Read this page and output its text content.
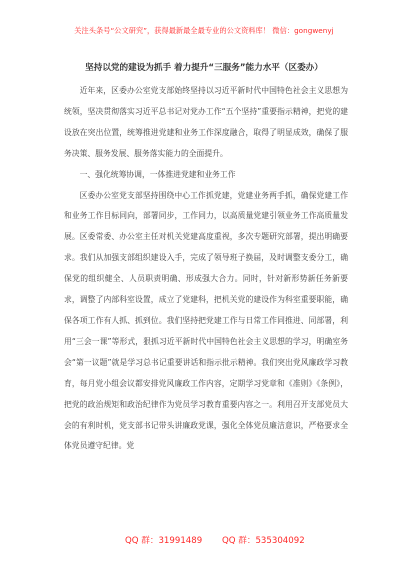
关注头条号“公文研究”，获得最新最全最专业的公文资料库！ 微信：gongwenyj
坚持以党的建设为抓手 着力提升“三服务”能力水平（区委办）

近年来，区委办公室党支部始终坚持以习近平新时代中国特色社会主义思想为统领，坚决贯彻落实习近平总书记对党办工作“五个坚持”重要指示精神，把党的建设放在突出位置，统筹推进党建和业务工作深度融合，取得了明显成效，确保了服务决策、服务发展、服务落实能力的全面提升。

一、强化统筹协调，一体推进党建和业务工作

区委办公室党支部坚持围绕中心工作抓党建，党建业务两手抓，确保党建工作和业务工作目标同向，部署同步，工作同力，以高质量党建引领业务工作高质量发展。区委常委、办公室主任对机关党建高度重视，多次专题研究部署，提出明确要求。我们从加强支部组织建设入手，完成了领导班子换届，及时调整支委分工，确保党的组织健全、人员职责明确、形成强大合力。同时，针对新形势新任务新要求，调整了内部科室设置，成立了党建科，把机关党的建设作为科室重要职能，确保各项工作有人抓、抓到位。我们坚持把党建工作与日常工作同推进、同部署，利用“三会一课”等形式，狠抓习近平新时代中国特色社会主义思想的学习，明确室务会“第一议题”就是学习总书记重要讲话和指示批示精神。我们突出党风廉政学习教育，每月党小组会议都安排党风廉政工作内容，定期学习党章和《准则》《条例》，把党的政治规矩和政治纪律作为党员学习教育重要内容之一。利用召开支部党员大会的有利时机，党支部书记带头讲廉政党课，强化全体党员廉洁意识，严格要求全体党员遵守纪律。党

QQ 群：31991489 QQ 群：535304092
